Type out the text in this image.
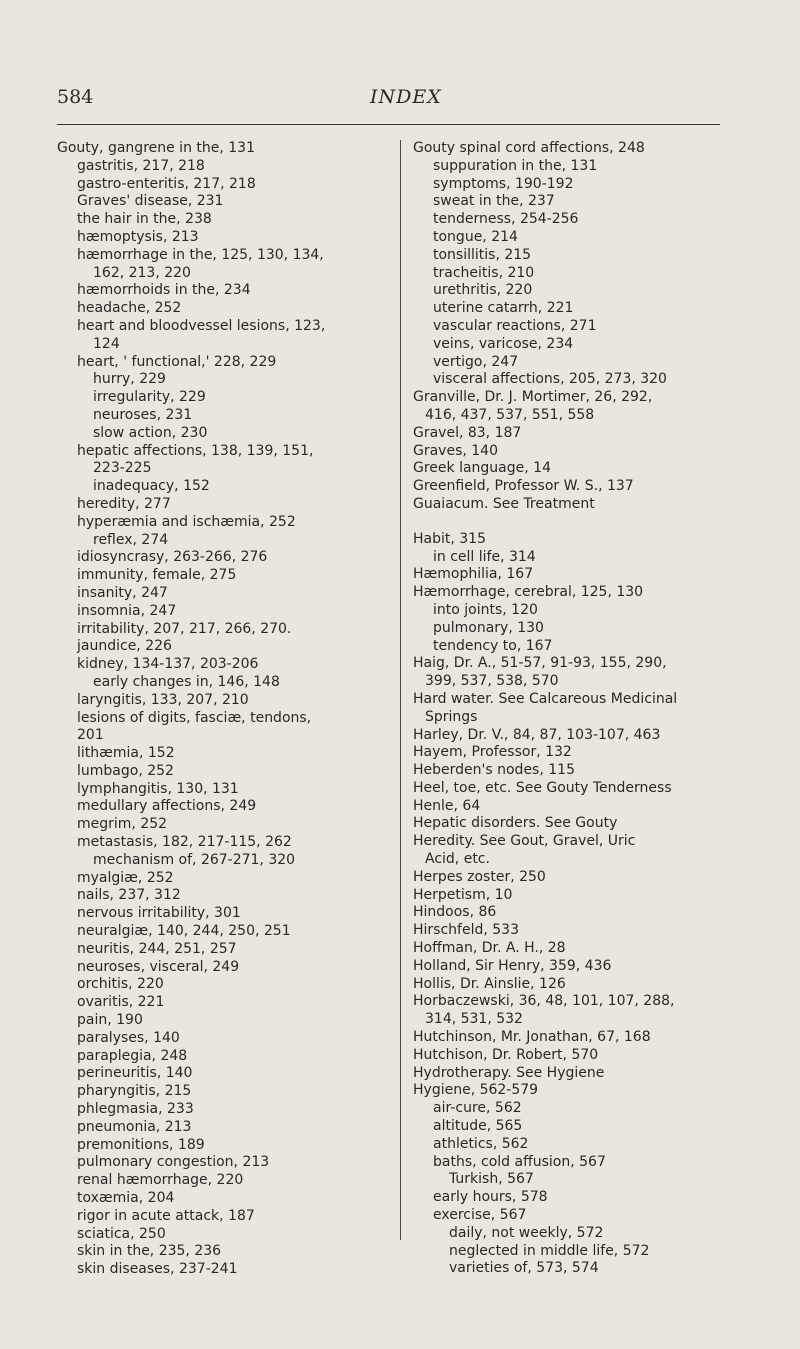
584	INDEX
Gouty, gangrene in the, 131
gastritis, 217, 218
gastro-enteritis, 217, 218
Graves' disease, 231
the hair in the, 238
hæmoptysis, 213
hæmorrhage in the, 125, 130, 134,
162, 213, 220
hæmorrhoids in the, 234
headache, 252
heart and bloodvessel lesions, 123,
124
heart, ' functional,' 228, 229
hurry, 229
irregularity, 229
neuroses, 231
slow action, 230
hepatic affections, 138, 139, 151,
223-225
inadequacy, 152
heredity, 277
hyperæmia and ischæmia, 252
reflex, 274
idiosyncrasy, 263-266, 276
immunity, female, 275
insanity, 247
insomnia, 247
irritability, 207, 217, 266, 270.
jaundice, 226
kidney, 134-137, 203-206
early changes in, 146, 148
laryngitis, 133, 207, 210
lesions of digits, fasciæ, tendons,
201
lithæmia, 152
lumbago, 252
lymphangitis, 130, 131
medullary affections, 249
megrim, 252
metastasis, 182, 217-115, 262
mechanism of, 267-271, 320
myalgiæ, 252
nails, 237, 312
nervous irritability, 301
neuralgiæ, 140, 244, 250, 251
neuritis, 244, 251, 257
neuroses, visceral, 249
orchitis, 220
ovaritis, 221
pain, 190
paralyses, 140
paraplegia, 248
perineuritis, 140
pharyngitis, 215
phlegmasia, 233
pneumonia, 213
premonitions, 189
pulmonary congestion, 213
renal hæmorrhage, 220
toxæmia, 204
rigor in acute attack, 187
sciatica, 250
skin in the, 235, 236
skin diseases, 237-241
Gouty spinal cord affections, 248
suppuration in the, 131
symptoms, 190-192
sweat in the, 237
tenderness, 254-256
tongue, 214
tonsillitis, 215
tracheitis, 210
urethritis, 220
uterine catarrh, 221
vascular reactions, 271
veins, varicose, 234
vertigo, 247
visceral affections, 205, 273, 320
Granville, Dr. J. Mortimer, 26, 292,
416, 437, 537, 551, 558
Gravel, 83, 187
Graves, 140
Greek language, 14
Greenfield, Professor W. S., 137
Guaiacum. See Treatment
Habit, 315
in cell life, 314
Hæmophilia, 167
Hæmorrhage, cerebral, 125, 130
into joints, 120
pulmonary, 130
tendency to, 167
Haig, Dr. A., 51-57, 91-93, 155, 290,
399, 537, 538, 570
Hard water. See Calcareous Medicinal
Springs
Harley, Dr. V., 84, 87, 103-107, 463
Hayem, Professor, 132
Heberden's nodes, 115
Heel, toe, etc. See Gouty Tenderness
Henle, 64
Hepatic disorders. See Gouty
Heredity. See Gout, Gravel, Uric
Acid, etc.
Herpes zoster, 250
Herpetism, 10
Hindoos, 86
Hirschfeld, 533
Hoffman, Dr. A. H., 28
Holland, Sir Henry, 359, 436
Hollis, Dr. Ainslie, 126
Horbaczewski, 36, 48, 101, 107, 288,
314, 531, 532
Hutchinson, Mr. Jonathan, 67, 168
Hutchison, Dr. Robert, 570
Hydrotherapy. See Hygiene
Hygiene, 562-579
air-cure, 562
altitude, 565
athletics, 562
baths, cold affusion, 567
Turkish, 567
early hours, 578
exercise, 567
daily, not weekly, 572
neglected in middle life, 572
varieties of, 573, 574
